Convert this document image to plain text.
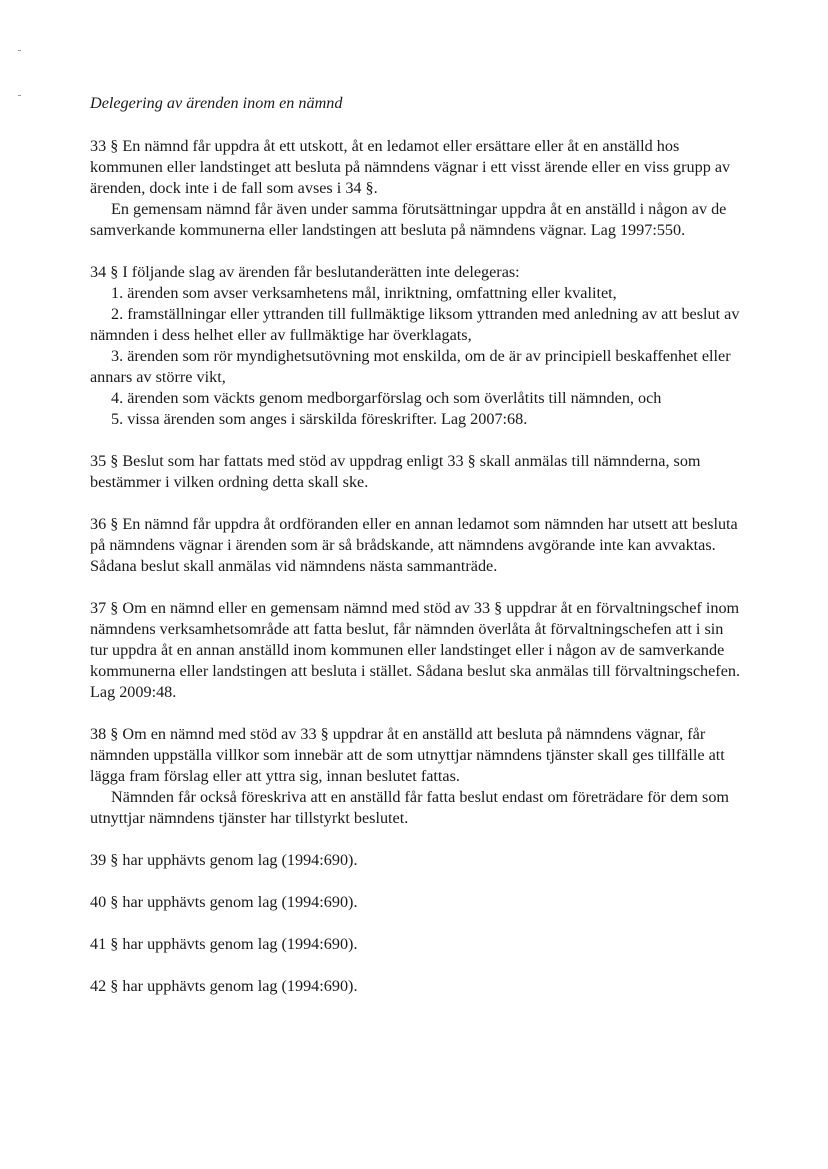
Delegering av ärenden inom en nämnd

33 § En nämnd får uppdra åt ett utskott, åt en ledamot eller ersättare eller åt en anställd hos kommunen eller landstinget att besluta på nämndens vägnar i ett visst ärende eller en viss grupp av ärenden, dock inte i de fall som avses i 34 §.

En gemensam nämnd får även under samma förutsättningar uppdra åt en anställd i någon av de samverkande kommunerna eller landstingen att besluta på nämndens vägnar. Lag 1997:550.

34 § I följande slag av ärenden får beslutanderätten inte delegeras:

1. ärenden som avser verksamhetens mål, inriktning, omfattning eller kvalitet,

2. framställningar eller yttranden till fullmäktige liksom yttranden med anledning av att beslut av nämnden i dess helhet eller av fullmäktige har överklagats,

3. ärenden som rör myndighetsutövning mot enskilda, om de är av principiell beskaffenhet eller annars av större vikt,

4. ärenden som väckts genom medborgarförslag och som överlåtits till nämnden, och

5. vissa ärenden som anges i särskilda föreskrifter. Lag 2007:68.

35 § Beslut som har fattats med stöd av uppdrag enligt 33 § skall anmälas till nämnderna, som bestämmer i vilken ordning detta skall ske.

36 § En nämnd får uppdra åt ordföranden eller en annan ledamot som nämnden har utsett att besluta på nämndens vägnar i ärenden som är så brådskande, att nämndens avgörande inte kan avvaktas. Sådana beslut skall anmälas vid nämndens nästa sammanträde.

37 § Om en nämnd eller en gemensam nämnd med stöd av 33 § uppdrar åt en förvaltningschef inom nämndens verksamhetsområde att fatta beslut, får nämnden överlåta åt förvaltningschefen att i sin tur uppdra åt en annan anställd inom kommunen eller landstinget eller i någon av de samverkande kommunerna eller landstingen att besluta i stället. Sådana beslut ska anmälas till förvaltningschefen. Lag 2009:48.

38 § Om en nämnd med stöd av 33 § uppdrar åt en anställd att besluta på nämndens vägnar, får nämnden uppställa villkor som innebär att de som utnyttjar nämndens tjänster skall ges tillfälle att lägga fram förslag eller att yttra sig, innan beslutet fattas.

Nämnden får också föreskriva att en anställd får fatta beslut endast om företrädare för dem som utnyttjar nämndens tjänster har tillstyrkt beslutet.

39 § har upphävts genom lag (1994:690).

40 § har upphävts genom lag (1994:690).

41 § har upphävts genom lag (1994:690).

42 § har upphävts genom lag (1994:690).
